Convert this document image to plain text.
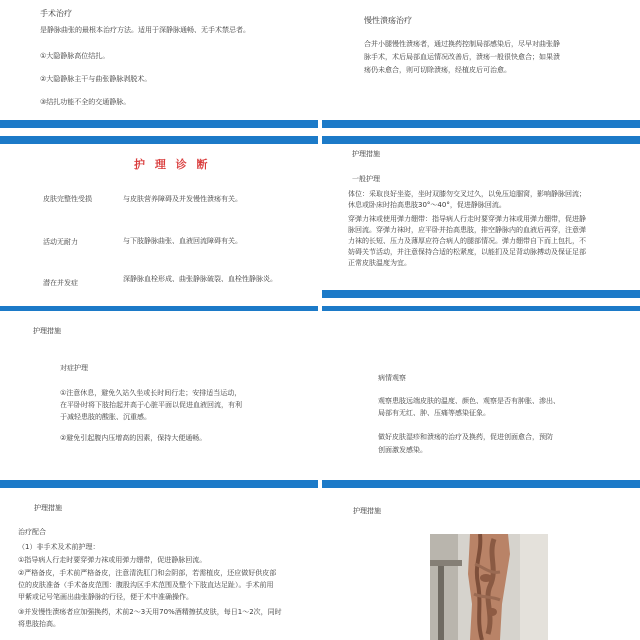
手术治疗
是静脉曲张的最根本治疗方法。适用于深静脉通畅、无手术禁忌者。
①大隐静脉高位结扎。
②大隐静脉主干与曲张静脉剥脱术。
③结扎功能不全的交通静脉。
慢性溃疡治疗
合并小腿慢性溃疡者，通过换药控制局部感染后，尽早对曲张静
脉手术，术后局部血运情况改善后，溃疡一般很快愈合；如果溃
疡仍未愈合，则可切除溃疡，经植皮后可治愈。
护 理 诊 断
皮肤完整性受损	与皮肤营养障碍及并发慢性溃疡有关。
活动无耐力	与下肢静脉曲张、血液回流障碍有关。
潜在并发症	深静脉血栓形成、曲张静脉破裂、血栓性静脉炎。
护理措施
一般护理
体位：采取良好坐姿，坐时双膝勿交叉过久，以免压迫腘窝，影响静脉回流；
休息或卧床时抬高患肢30°～40°，促进静脉回流。
穿弹力袜或使用弹力绷带：指导病人行走时要穿弹力袜或用弹力绷带，促进静
脉回流。穿弹力袜时，应平卧并抬高患肢，排空静脉内的血液后再穿，注意弹
力袜的长短、压力及薄厚应符合病人的腿部情况。弹力绷带自下而上包扎，不
妨碍关节活动，并注意保持合适的松紧度，以能扪及足背动脉搏动及保证足部
正常皮肤温度为宜。
护理措施
对症护理
①注意休息，避免久站久坐或长时间行走；安排适当运动，
在平卧时将下肢抬起并高于心脏平面以促进血液回流，有利
于减轻患肢的酸胀、沉重感。
②避免引起腹内压增高的因素，保持大便通畅。
病情观察
观察患肢远端皮肤的温度、颜色、观察是否有肿胀、渗出、
局部有无红、肿、压痛等感染征象。
做好皮肤湿疹和溃疡的治疗及换药，促进创面愈合，预防
创面激发感染。
护理措施
治疗配合
（1）非手术及术前护理：
①指导病人行走时要穿弹力袜或用弹力绷带，促进静脉回流。
②严格备皮，手术前严格备皮，注意清洗肛门和会阴部，若需植皮，还应做好供皮部
位的皮肤准备（手术备皮范围：腹股沟区手术范围及整个下肢直达足趾）。手术前用
甲紫或记号笔画出曲张静脉的行径，便于术中准确操作。
③并发慢性溃疡者应加强换药，术前2～3天用70%酒精擦拭皮肤，每日1～2次，同时
将患肢抬高。
护理措施
